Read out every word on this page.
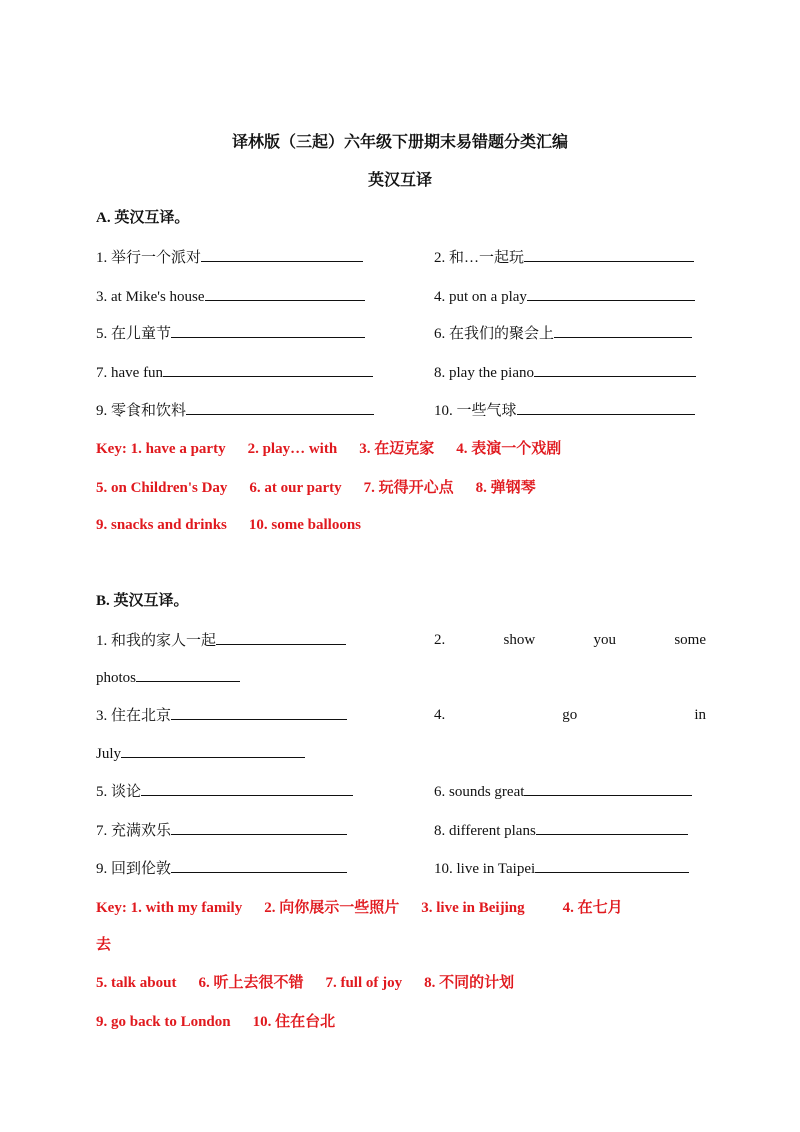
译林版（三起）六年级下册期末易错题分类汇编
英汉互译
A. 英汉互译。
1. 举行一个派对	2. 和…一起玩
3. at Mike's house	4. put on a play
5. 在儿童节	6. 在我们的聚会上
7. have fun	8. play the piano
9. 零食和饮料	10. 一些气球
Key: 1. have a party 2. play… with 3. 在迈克家 4. 表演一个戏剧
5. on Children's Day 6. at our party 7. 玩得开心点 8. 弹钢琴
9. snacks and drinks 10. some balloons
B. 英汉互译。
1. 和我的家人一起	2.	show	you	some
photos
3. 住在北京	4.	go	in
July
5. 谈论	6. sounds great
7. 充满欢乐	8. different plans
9. 回到伦敦	10. live in Taipei
Key: 1. with my family 2. 向你展示一些照片 3. live in Beijing	4. 在七月
去
5. talk about 6. 听上去很不错 7. full of joy 8. 不同的计划
9. go back to London 10. 住在台北
